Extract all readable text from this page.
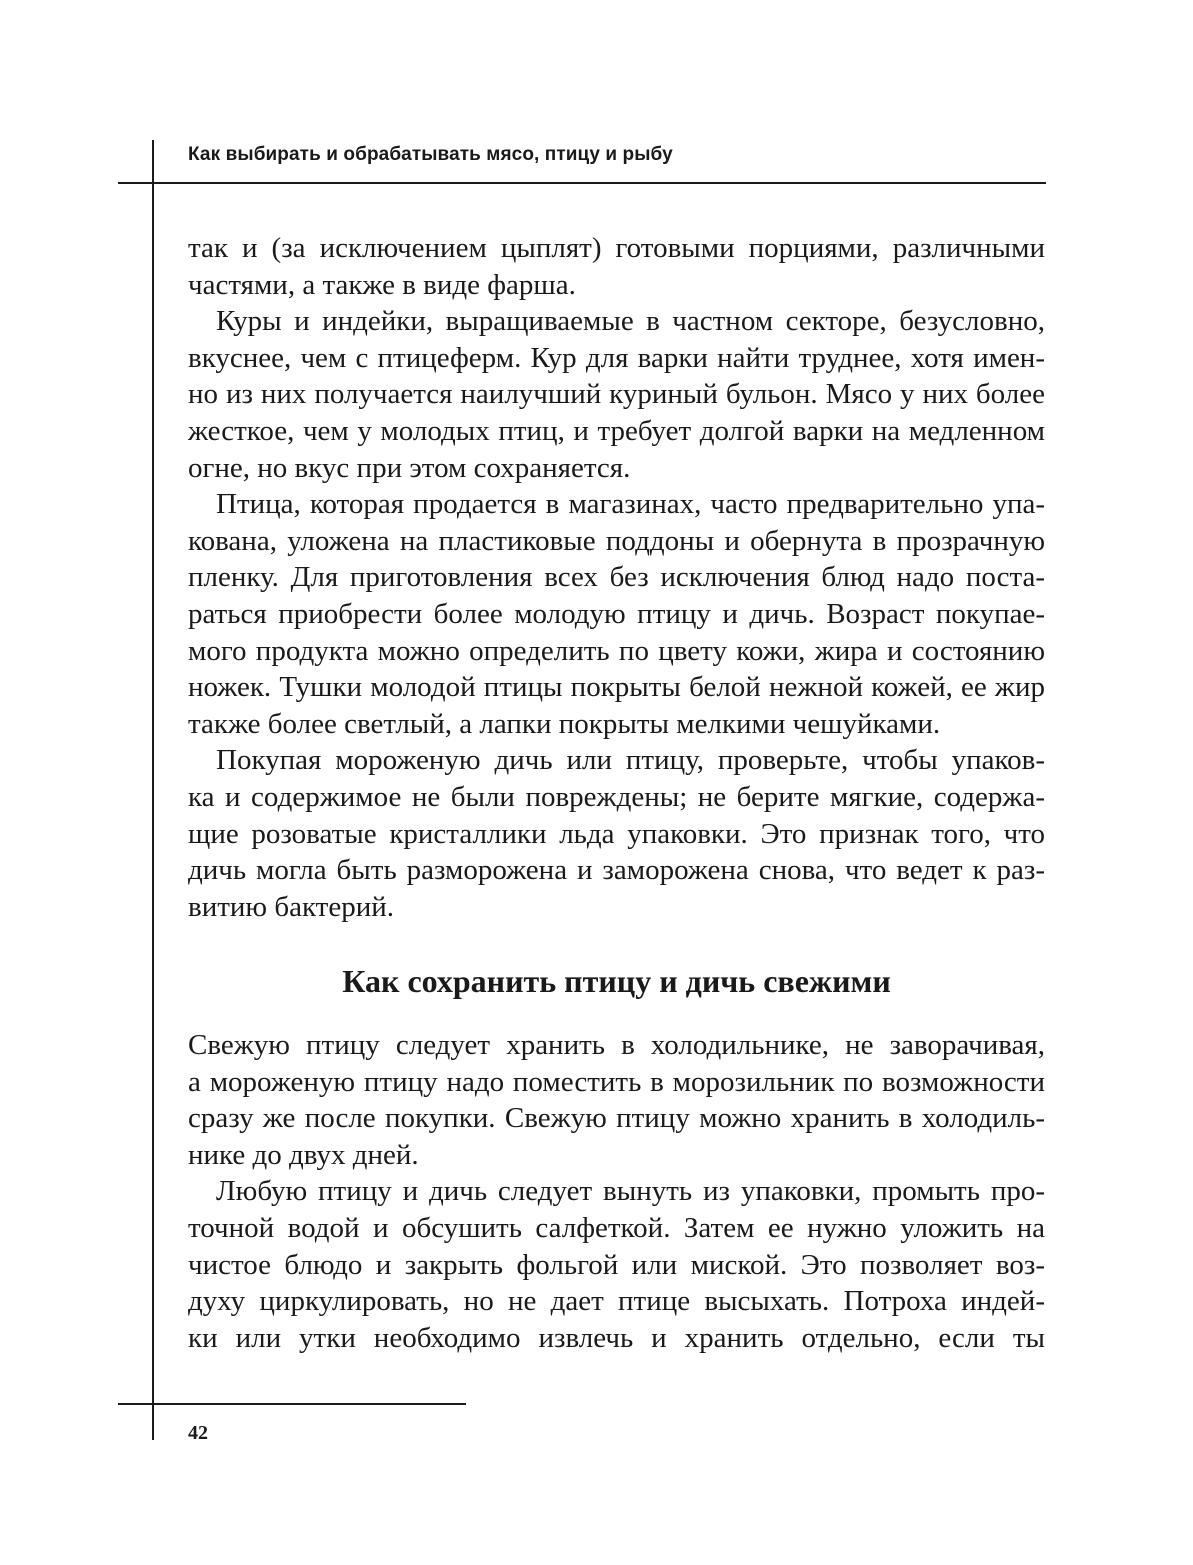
Как выбирать и обрабатывать мясо, птицу и рыбу
так и (за исключением цыплят) готовыми порциями, различными
частями, а также в виде фарша.
Куры и индейки, выращиваемые в частном секторе, безусловно,
вкуснее, чем с птицеферм. Кур для варки найти труднее, хотя имен-
но из них получается наилучший куриный бульон. Мясо у них более
жесткое, чем у молодых птиц, и требует долгой варки на медленном
огне, но вкус при этом сохраняется.
Птица, которая продается в магазинах, часто предварительно упа-
кована, уложена на пластиковые поддоны и обернута в прозрачную
пленку. Для приготовления всех без исключения блюд надо поста-
раться приобрести более молодую птицу и дичь. Возраст покупае-
мого продукта можно определить по цвету кожи, жира и состоянию
ножек. Тушки молодой птицы покрыты белой нежной кожей, ее жир
также более светлый, а лапки покрыты мелкими чешуйками.
Покупая мороженую дичь или птицу, проверьте, чтобы упаков-
ка и содержимое не были повреждены; не берите мягкие, содержа-
щие розоватые кристаллики льда упаковки. Это признак того, что
дичь могла быть разморожена и заморожена снова, что ведет к раз-
витию бактерий.
Как сохранить птицу и дичь свежими
Свежую птицу следует хранить в холодильнике, не заворачивая,
а мороженую птицу надо поместить в морозильник по возможности
сразу же после покупки. Свежую птицу можно хранить в холодиль-
нике до двух дней.
Любую птицу и дичь следует вынуть из упаковки, промыть про-
точной водой и обсушить салфеткой. Затем ее нужно уложить на
чистое блюдо и закрыть фольгой или миской. Это позволяет воз-
духу циркулировать, но не дает птице высыхать. Потроха индей-
ки или утки необходимо извлечь и хранить отдельно, если ты
42
